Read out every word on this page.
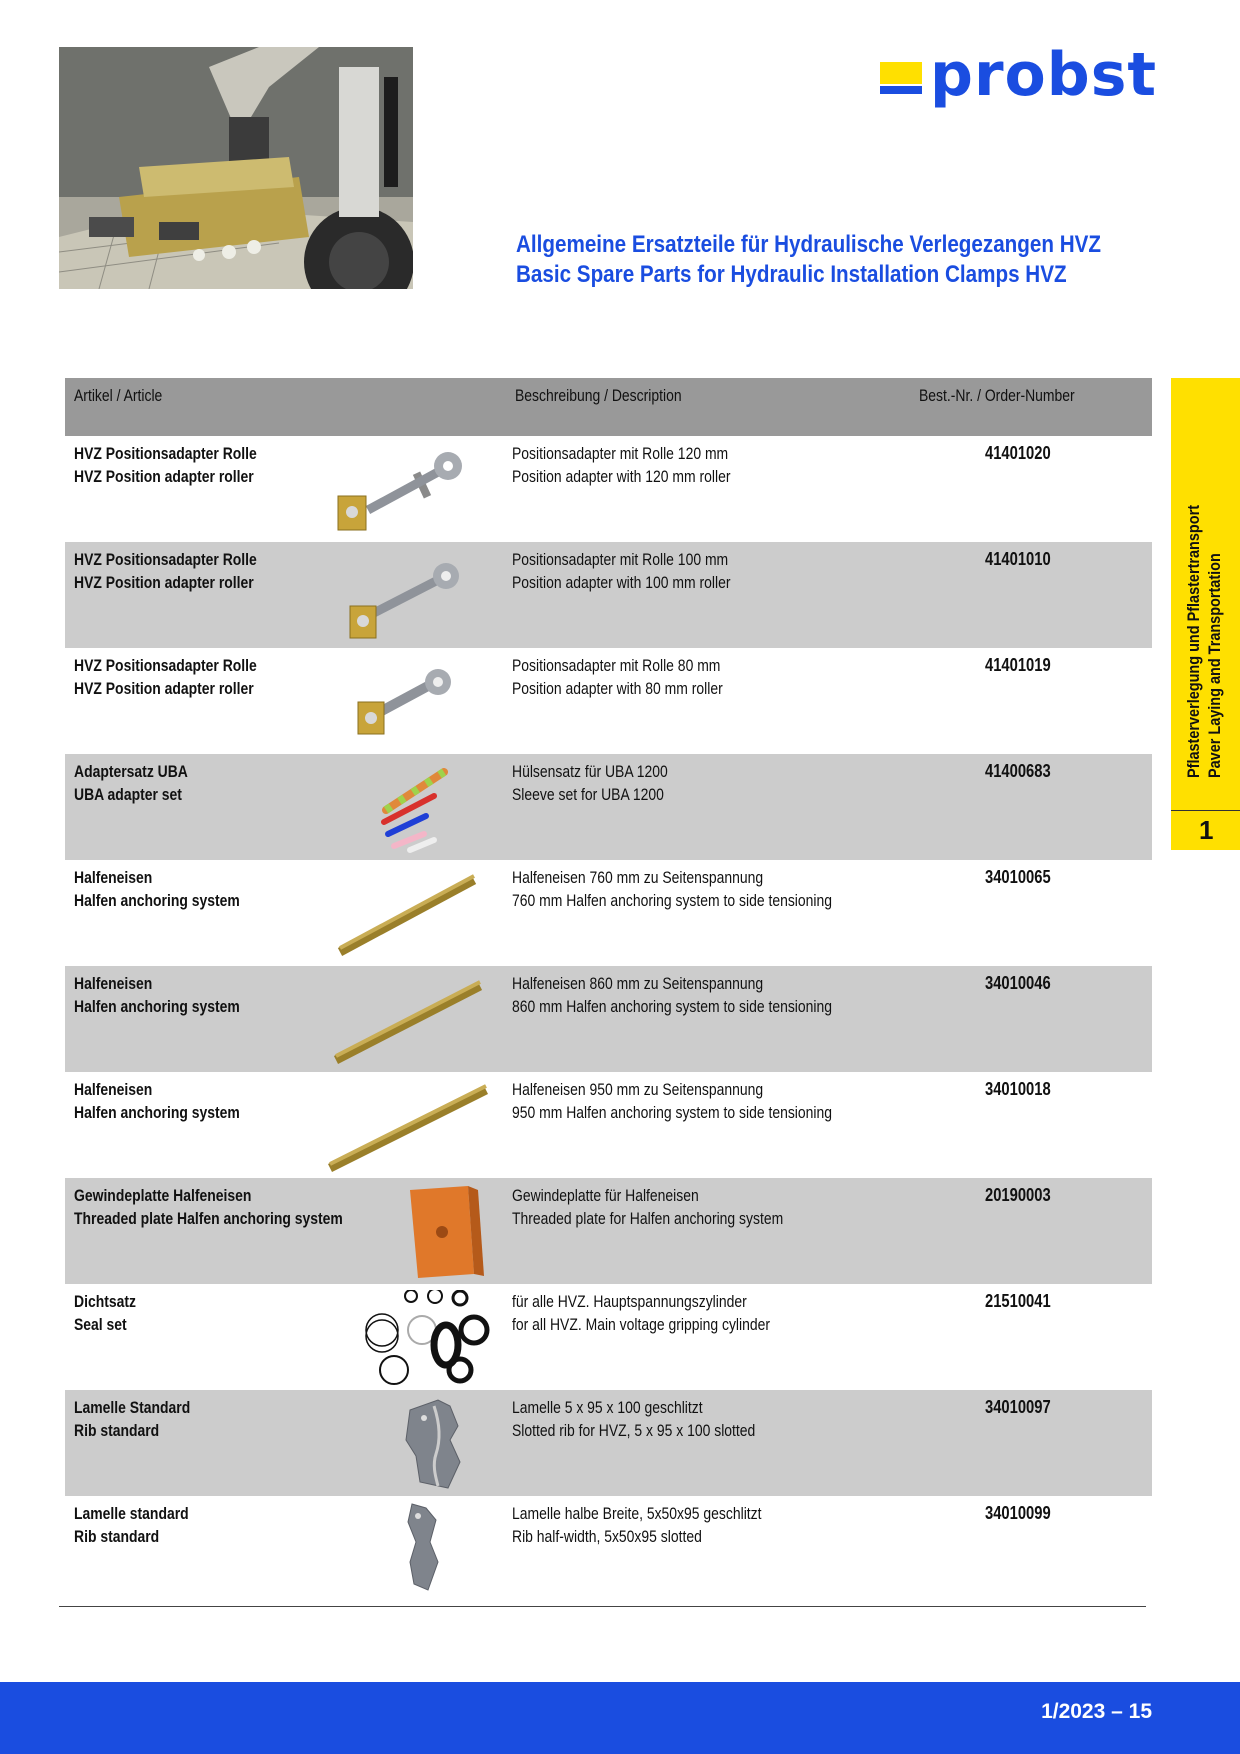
probst
Allgemeine Ersatzteile für Hydraulische Verlegezangen HVZ
Basic Spare Parts for Hydraulic Installation Clamps HVZ
Artikel / Article	Beschreibung / Description	Best.-Nr. / Order-Number
HVZ Positionsadapter Rolle
HVZ Position adapter roller
Positionsadapter mit Rolle 120 mm
Position adapter with 120 mm roller
41401020
HVZ Positionsadapter Rolle
HVZ Position adapter roller
Positionsadapter mit Rolle 100 mm
Position adapter with 100 mm roller
41401010
HVZ Positionsadapter Rolle
HVZ Position adapter roller
Positionsadapter mit Rolle 80 mm
Position adapter with 80 mm roller
41401019
Adaptersatz UBA
UBA adapter set
Hülsensatz für UBA 1200
Sleeve set for UBA 1200
41400683
Halfeneisen
Halfen anchoring system
Halfeneisen 760 mm zu Seitenspannung
760 mm Halfen anchoring system to side tensioning
34010065
Halfeneisen
Halfen anchoring system
Halfeneisen 860 mm zu Seitenspannung
860 mm Halfen anchoring system to side tensioning
34010046
Halfeneisen
Halfen anchoring system
Halfeneisen 950 mm zu Seitenspannung
950 mm Halfen anchoring system to side tensioning
34010018
Gewindeplatte Halfeneisen
Threaded plate Halfen anchoring system
Gewindeplatte für Halfeneisen
Threaded plate for Halfen anchoring system
20190003
Dichtsatz
Seal set
für alle HVZ. Hauptspannungszylinder
for all HVZ. Main voltage gripping cylinder
21510041
Lamelle Standard
Rib standard
Lamelle 5 x 95 x 100 geschlitzt
Slotted rib for HVZ, 5 x 95 x 100 slotted
34010097
Lamelle standard
Rib standard
Lamelle halbe Breite, 5x50x95 geschlitzt
Rib half-width, 5x50x95 slotted
34010099
Pflasterverlegung und Pflastertransport Paver Laying and Transportation
1
1/2023 – 15
